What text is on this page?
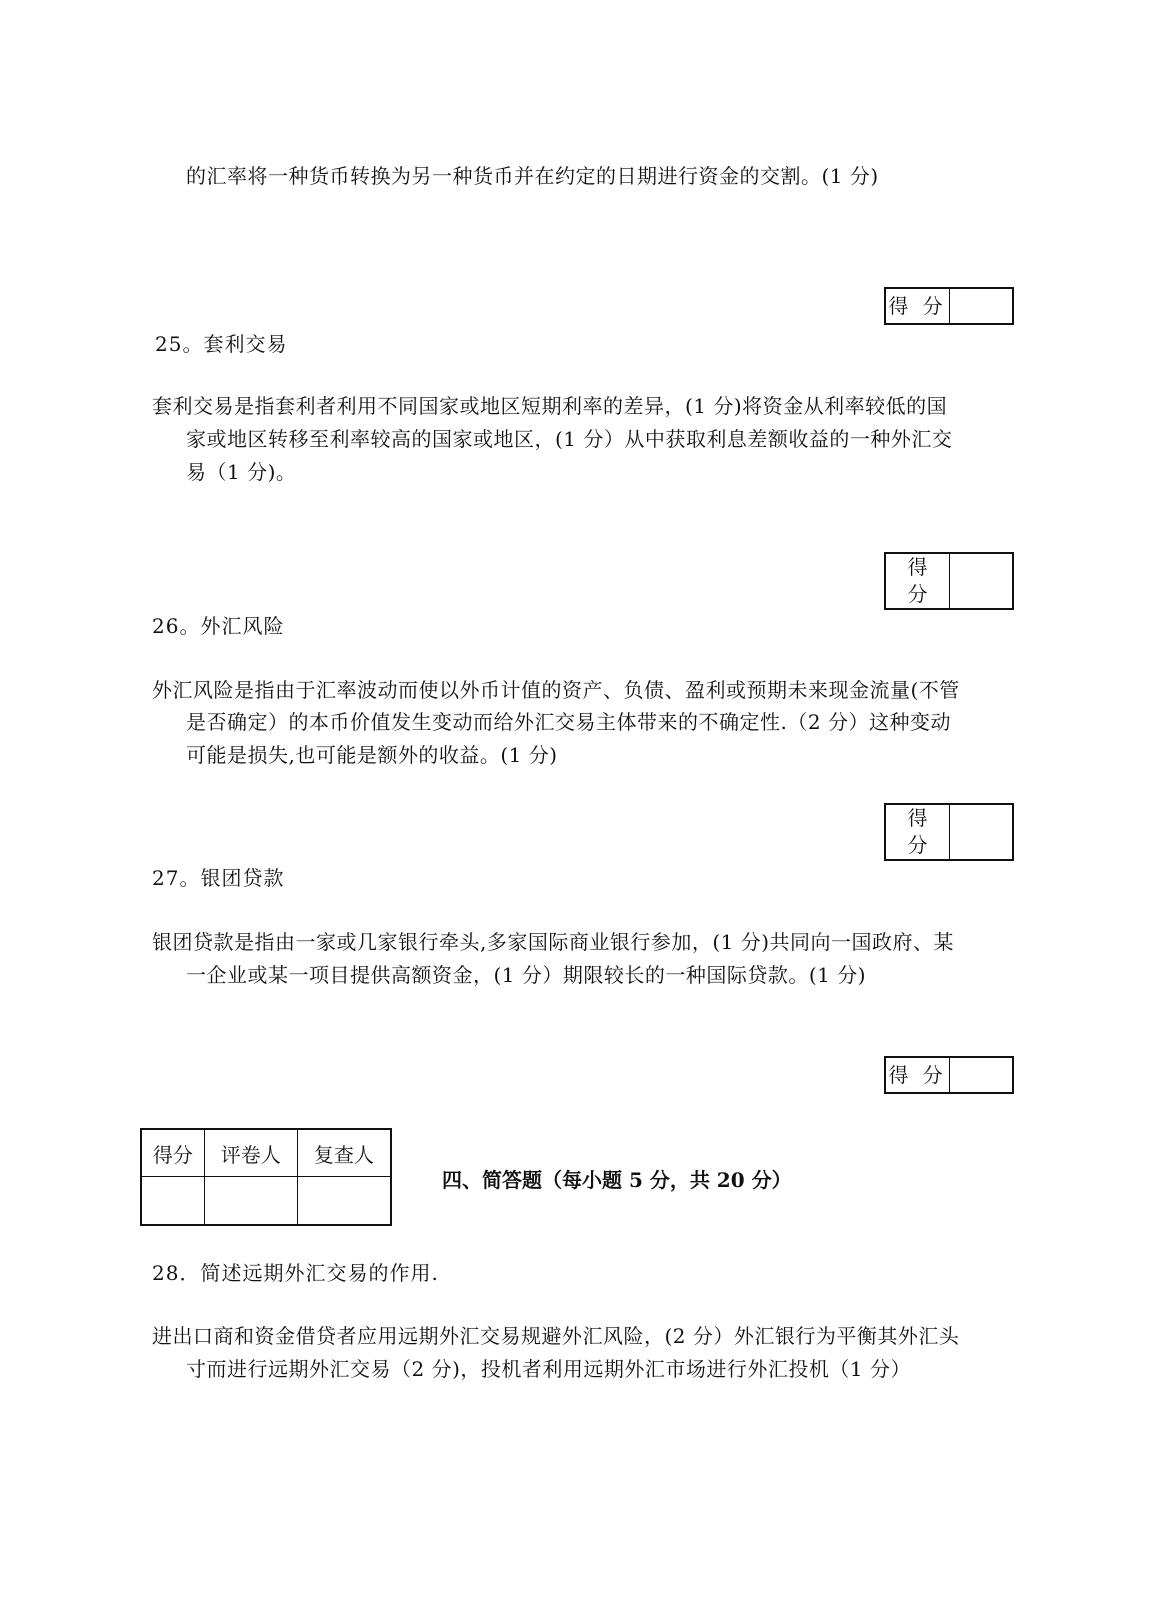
的汇率将一种货币转换为另一种货币并在约定的日期进行资金的交割。(1 分)
得 分
25。套利交易
套利交易是指套利者利用不同国家或地区短期利率的差异，(1 分)将资金从利率较低的国
家或地区转移至利率较高的国家或地区，(1 分）从中获取利息差额收益的一种外汇交
易（1 分)。
得 分
26。外汇风险
外汇风险是指由于汇率波动而使以外币计值的资产、负债、盈利或预期未来现金流量(不管
是否确定）的本币价值发生变动而给外汇交易主体带来的不确定性.（2 分）这种变动
可能是损失,也可能是额外的收益。(1 分)
得 分
27。银团贷款
银团贷款是指由一家或几家银行牵头,多家国际商业银行参加，(1 分)共同向一国政府、某
一企业或某一项目提供高额资金，(1 分）期限较长的一种国际贷款。(1 分)
得 分
得分	评卷人	复查人

四、简答题（每小题 5 分，共 20 分）
28．简述远期外汇交易的作用.
进出口商和资金借贷者应用远期外汇交易规避外汇风险，(2 分）外汇银行为平衡其外汇头
寸而进行远期外汇交易（2 分)，投机者利用远期外汇市场进行外汇投机（1 分）
